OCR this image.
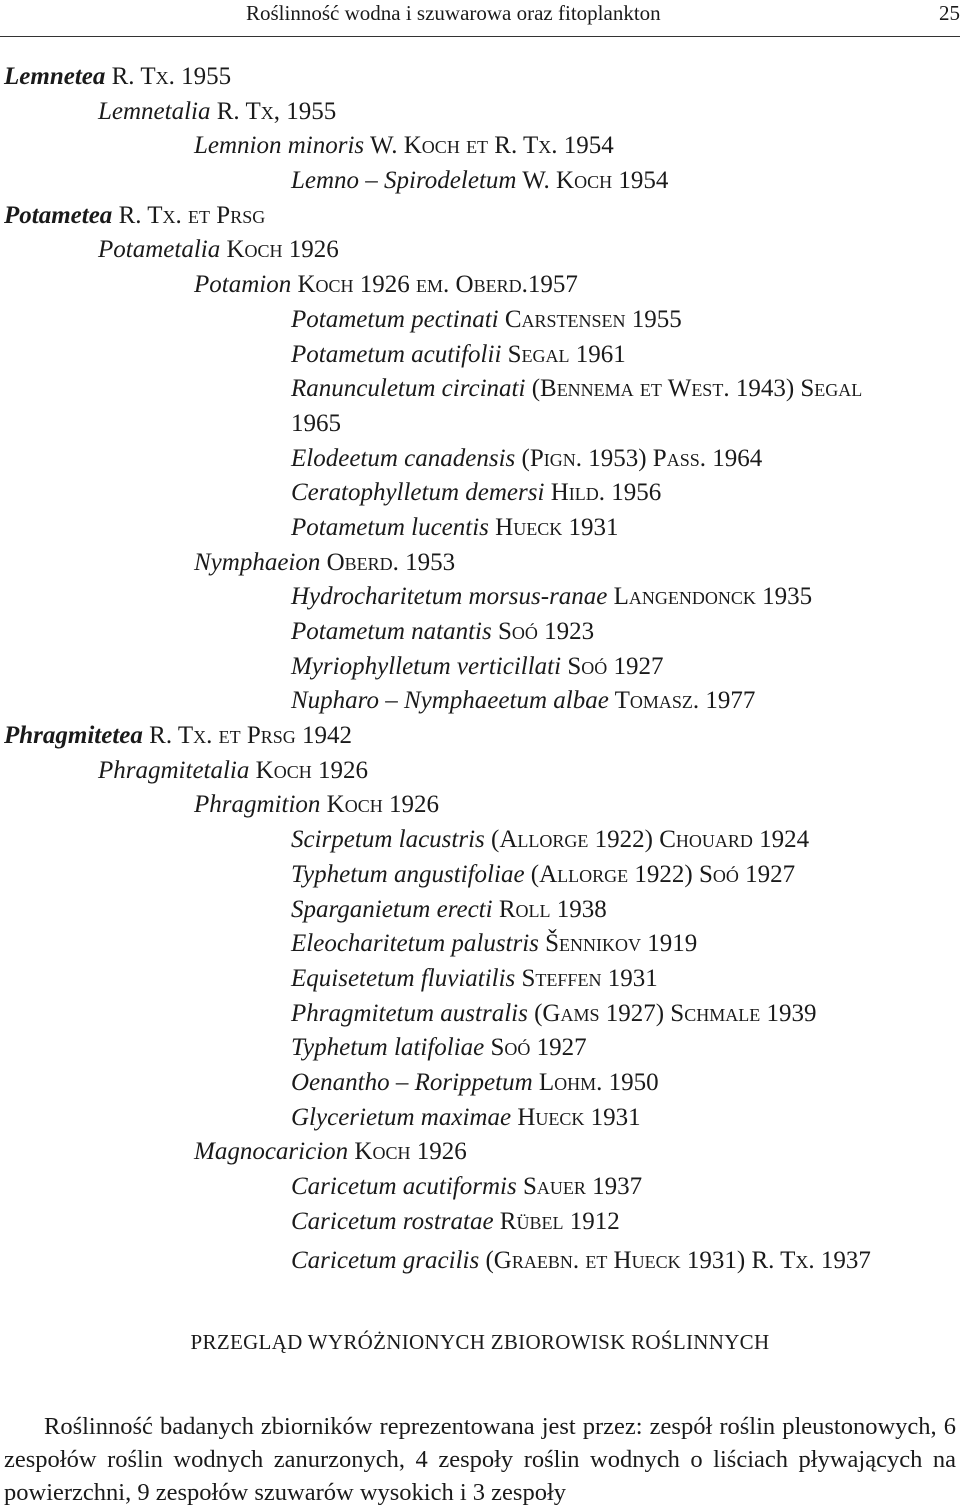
Roślinność wodna i szuwarowa oraz fitoplankton	25
Lemnetea R. Tx. 1955
Lemnetalia R. Tx, 1955
Lemnion minoris W. Koch et R. Tx. 1954
Lemno – Spirodeletum W. Koch 1954
Potametea R. Tx. et Prsg
Potametalia Koch 1926
Potamion Koch 1926 em. Oberd.1957
Potametum pectinati Carstensen 1955
Potametum acutifolii Segal 1961
Ranunculetum circinati (Bennema et West. 1943) Segal
1965
Elodeetum canadensis (Pign. 1953) Pass. 1964
Ceratophylletum demersi Hild. 1956
Potametum lucentis Hueck 1931
Nymphaeion Oberd. 1953
Hydrocharitetum morsus-ranae Langendonck 1935
Potametum natantis Soó 1923
Myriophylletum verticillati Soó 1927
Nupharo – Nymphaeetum albae Tomasz. 1977
Phragmitetea R. Tx. et Prsg 1942
Phragmitetalia Koch 1926
Phragmition Koch 1926
Scirpetum lacustris (Allorge 1922) Chouard 1924
Typhetum angustifoliae (Allorge 1922) Soó 1927
Sparganietum erecti Roll 1938
Eleocharitetum palustris Šennikov 1919
Equisetetum fluviatilis Steffen 1931
Phragmitetum australis (Gams 1927) Schmale 1939
Typhetum latifoliae Soó 1927
Oenantho – Rorippetum Lohm. 1950
Glycerietum maximae Hueck 1931
Magnocaricion Koch 1926
Caricetum acutiformis Sauer 1937
Caricetum rostratae Rübel 1912
Caricetum gracilis (Graebn. et Hueck 1931) R. Tx. 1937
PRZEGLĄD WYRÓŻNIONYCH ZBIOROWISK ROŚLINNYCH

Roślinność badanych zbiorników reprezentowana jest przez: zespół roślin pleustonowych, 6 zespołów roślin wodnych zanurzonych, 4 zespoły roślin wodnych o liściach pływających na powierzchni, 9 zespołów szuwarów wysokich i 3 zespoły
